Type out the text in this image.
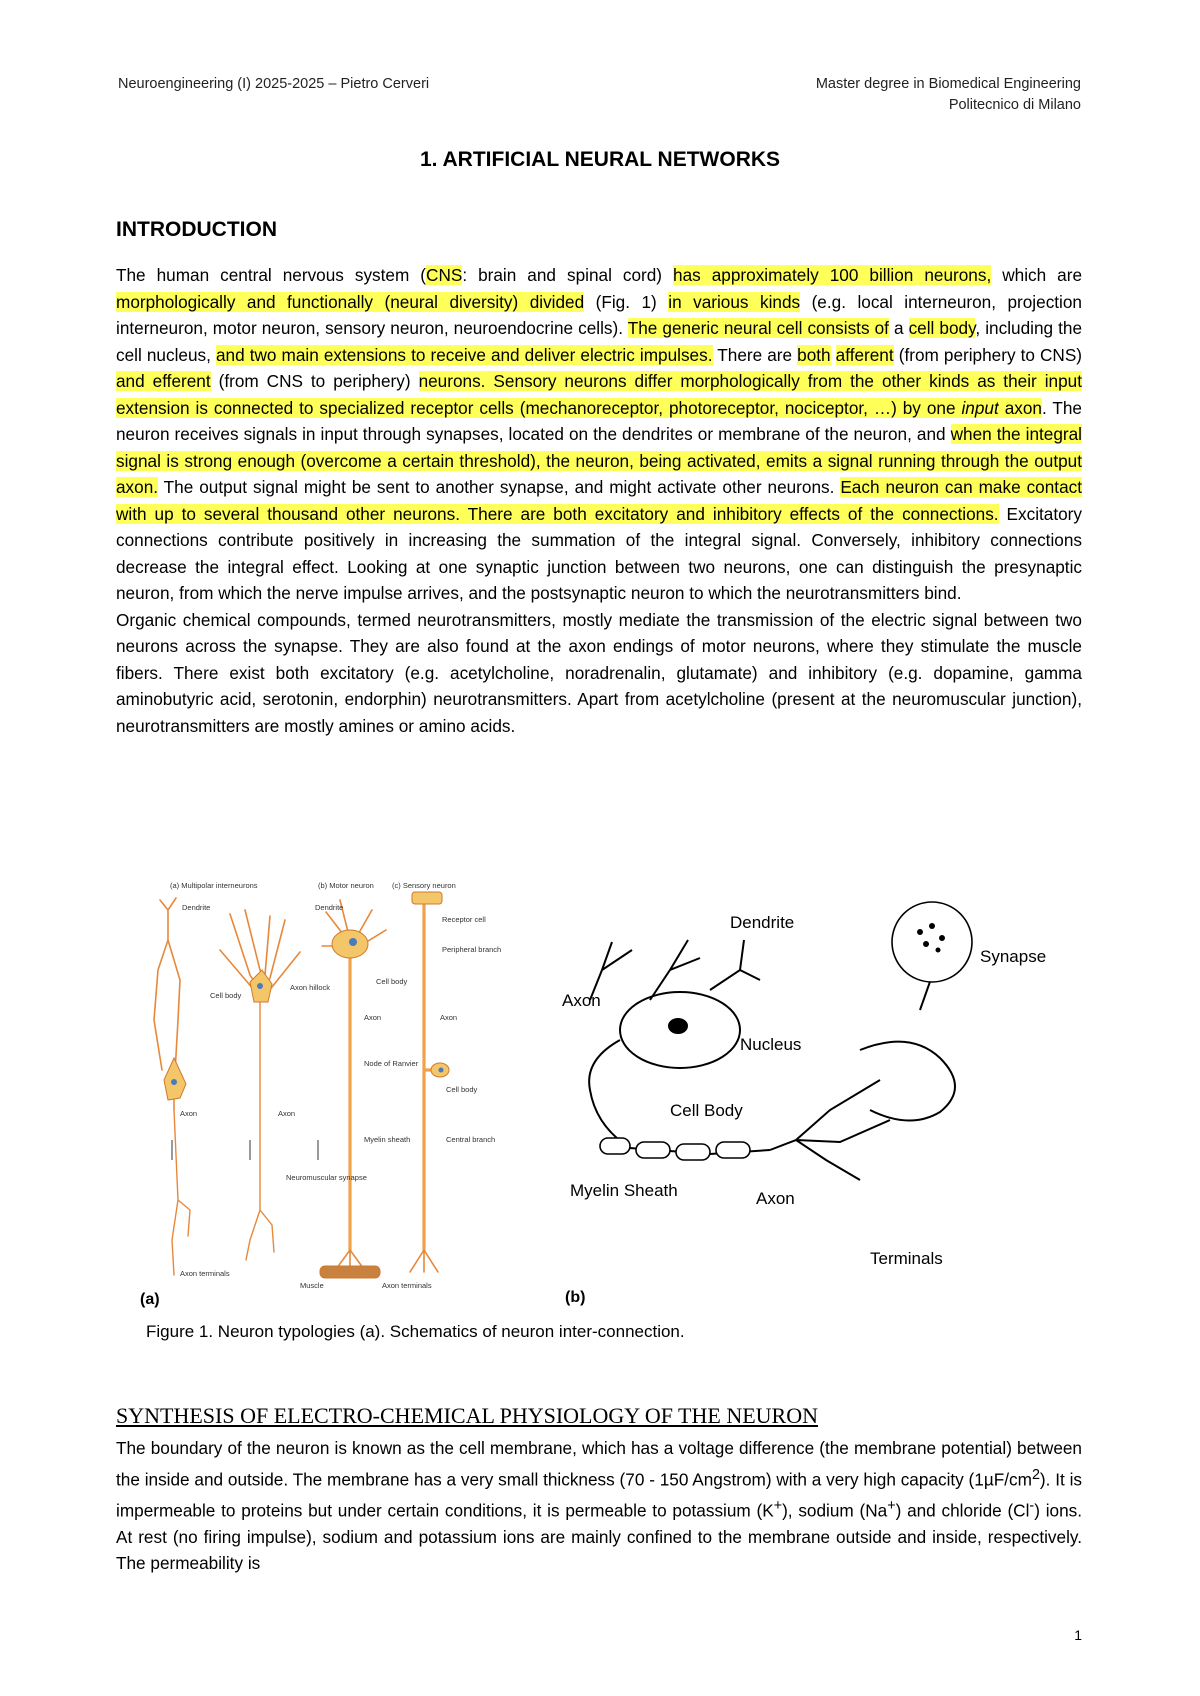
Neuroengineering (I) 2025-2025 – Pietro Cerveri	Master degree in Biomedical Engineering
Politecnico di Milano
1. ARTIFICIAL NEURAL NETWORKS
INTRODUCTION

The human central nervous system (CNS: brain and spinal cord) has approximately 100 billion neurons, which are morphologically and functionally (neural diversity) divided (Fig. 1) in various kinds (e.g. local interneuron, projection interneuron, motor neuron, sensory neuron, neuroendocrine cells). The generic neural cell consists of a cell body, including the cell nucleus, and two main extensions to receive and deliver electric impulses. There are both afferent (from periphery to CNS) and efferent (from CNS to periphery) neurons. Sensory neurons differ morphologically from the other kinds as their input extension is connected to specialized receptor cells (mechanoreceptor, photoreceptor, nociceptor, …) by one input axon. The neuron receives signals in input through synapses, located on the dendrites or membrane of the neuron, and when the integral signal is strong enough (overcome a certain threshold), the neuron, being activated, emits a signal running through the output axon. The output signal might be sent to another synapse, and might activate other neurons. Each neuron can make contact with up to several thousand other neurons. There are both excitatory and inhibitory effects of the connections. Excitatory connections contribute positively in increasing the summation of the integral signal. Conversely, inhibitory connections decrease the integral effect. Looking at one synaptic junction between two neurons, one can distinguish the presynaptic neuron, from which the nerve impulse arrives, and the postsynaptic neuron to which the neurotransmitters bind.

Organic chemical compounds, termed neurotransmitters, mostly mediate the transmission of the electric signal between two neurons across the synapse. They are also found at the axon endings of motor neurons, where they stimulate the muscle fibers. There exist both excitatory (e.g. acetylcholine, noradrenalin, glutamate) and inhibitory (e.g. dopamine, gamma aminobutyric acid, serotonin, endorphin) neurotransmitters. Apart from acetylcholine (present at the neuromuscular junction), neurotransmitters are mostly amines or amino acids.

(a) Multipolar interneurons	(b) Motor neuron (c) Sensory neuron
Dendrite	Dendrite
Cell body
Axon hillock
Cell body
Receptor cell
Peripheral branch
Axon	Axon
Node of Ranvier
Cell body
Axon	Axon
Myelin sheath	Central branch
Neuromuscular synapse
Axon terminals
Muscle	Axon terminals
Dendrite
Synapse
Axon
Nucleus
Cell Body
Myelin Sheath	Axon
Terminals
(a)	(b)
Figure 1. Neuron typologies (a). Schematics of neuron inter-connection.
SYNTHESIS OF ELECTRO-CHEMICAL PHYSIOLOGY OF THE NEURON

The boundary of the neuron is known as the cell membrane, which has a voltage difference (the membrane potential) between the inside and outside. The membrane has a very small thickness (70 - 150 Angstrom) with a very high capacity $(1\mu F/cm^2)$. It is impermeable to proteins but under certain conditions, it is permeable to potassium (K+), sodium (Na+) and chloride (Cl-) ions. At rest (no firing impulse), sodium and potassium ions are mainly confined to the membrane outside and inside, respectively. The permeability is

1
